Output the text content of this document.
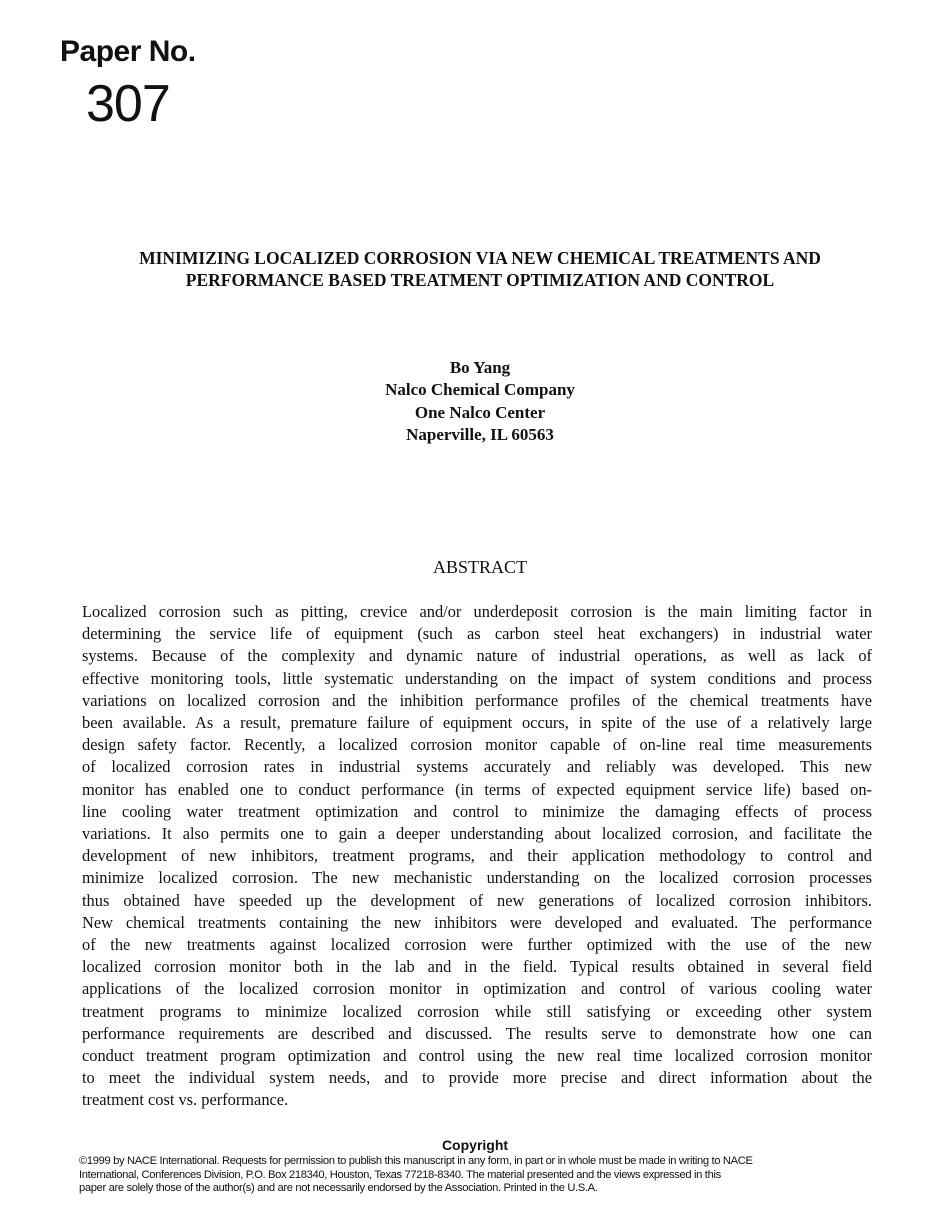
Paper No.
307
MINIMIZING LOCALIZED CORROSION VIA NEW CHEMICAL TREATMENTS AND
PERFORMANCE BASED TREATMENT OPTIMIZATION AND CONTROL
Bo Yang
Nalco Chemical Company
One Nalco Center
Naperville, IL 60563
ABSTRACT
Localized corrosion such as pitting, crevice and/or underdeposit corrosion is the main limiting factor in
determining the service life of equipment (such as carbon steel heat exchangers) in industrial water
systems. Because of the complexity and dynamic nature of industrial operations, as well as lack of
effective monitoring tools, little systematic understanding on the impact of system conditions and process
variations on localized corrosion and the inhibition performance profiles of the chemical treatments have
been available. As a result, premature failure of equipment occurs, in spite of the use of a relatively large
design safety factor. Recently, a localized corrosion monitor capable of on-line real time measurements
of localized corrosion rates in industrial systems accurately and reliably was developed. This new
monitor has enabled one to conduct performance (in terms of expected equipment service life) based on-
line cooling water treatment optimization and control to minimize the damaging effects of process
variations. It also permits one to gain a deeper understanding about localized corrosion, and facilitate the
development of new inhibitors, treatment programs, and their application methodology to control and
minimize localized corrosion. The new mechanistic understanding on the localized corrosion processes
thus obtained have speeded up the development of new generations of localized corrosion inhibitors.
New chemical treatments containing the new inhibitors were developed and evaluated. The performance
of the new treatments against localized corrosion were further optimized with the use of the new
localized corrosion monitor both in the lab and in the field. Typical results obtained in several field
applications of the localized corrosion monitor in optimization and control of various cooling water
treatment programs to minimize localized corrosion while still satisfying or exceeding other system
performance requirements are described and discussed. The results serve to demonstrate how one can
conduct treatment program optimization and control using the new real time localized corrosion monitor
to meet the individual system needs, and to provide more precise and direct information about the
treatment cost vs. performance.
Copyright
©1999 by NACE International. Requests for permission to publish this manuscript in any form, in part or in whole must be made in writing to NACE
International, Conferences Division, P.O. Box 218340, Houston, Texas 77218-8340. The material presented and the views expressed in this
paper are solely those of the author(s) and are not necessarily endorsed by the Association. Printed in the U.S.A.
